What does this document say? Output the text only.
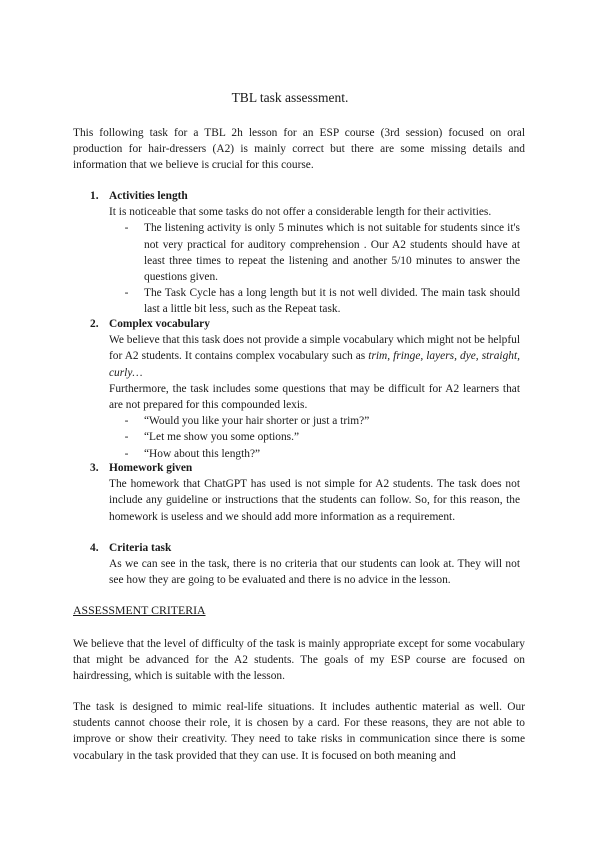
TBL task assessment.

This following task for a TBL 2h lesson for an ESP course (3rd session) focused on oral production for hair-dressers (A2) is mainly correct but there are some missing details and information that we believe is crucial for this course.

1. Activities length
It is noticeable that some tasks do not offer a considerable length for their activities.
-	The listening activity is only 5 minutes which is not suitable for students since it's not very practical for auditory comprehension . Our A2 students should have at least three times to repeat the listening and another 5/10 minutes to answer the questions given.
-	The Task Cycle has a long length but it is not well divided. The main task should last a little bit less, such as the Repeat task.
2. Complex vocabulary
We believe that this task does not provide a simple vocabulary which might not be helpful for A2 students. It contains complex vocabulary such as trim, fringe, layers, dye, straight, curly…
Furthermore, the task includes some questions that may be difficult for A2 learners that are not prepared for this compounded lexis.
-	“Would you like your hair shorter or just a trim?”
-	“Let me show you some options.”
-	“How about this length?”
3. Homework given
The homework that ChatGPT has used is not simple for A2 students. The task does not include any guideline or instructions that the students can follow. So, for this reason, the homework is useless and we should add more information as a requirement.
4. Criteria task
As we can see in the task, there is no criteria that our students can look at. They will not see how they are going to be evaluated and there is no advice in the lesson.
ASSESSMENT CRITERIA

We believe that the level of difficulty of the task is mainly appropriate except for some vocabulary that might be advanced for the A2 students. The goals of my ESP course are focused on hairdressing, which is suitable with the lesson.

The task is designed to mimic real-life situations. It includes authentic material as well. Our students cannot choose their role, it is chosen by a card. For these reasons, they are not able to improve or show their creativity. They need to take risks in communication since there is some vocabulary in the task provided that they can use. It is focused on both meaning and
